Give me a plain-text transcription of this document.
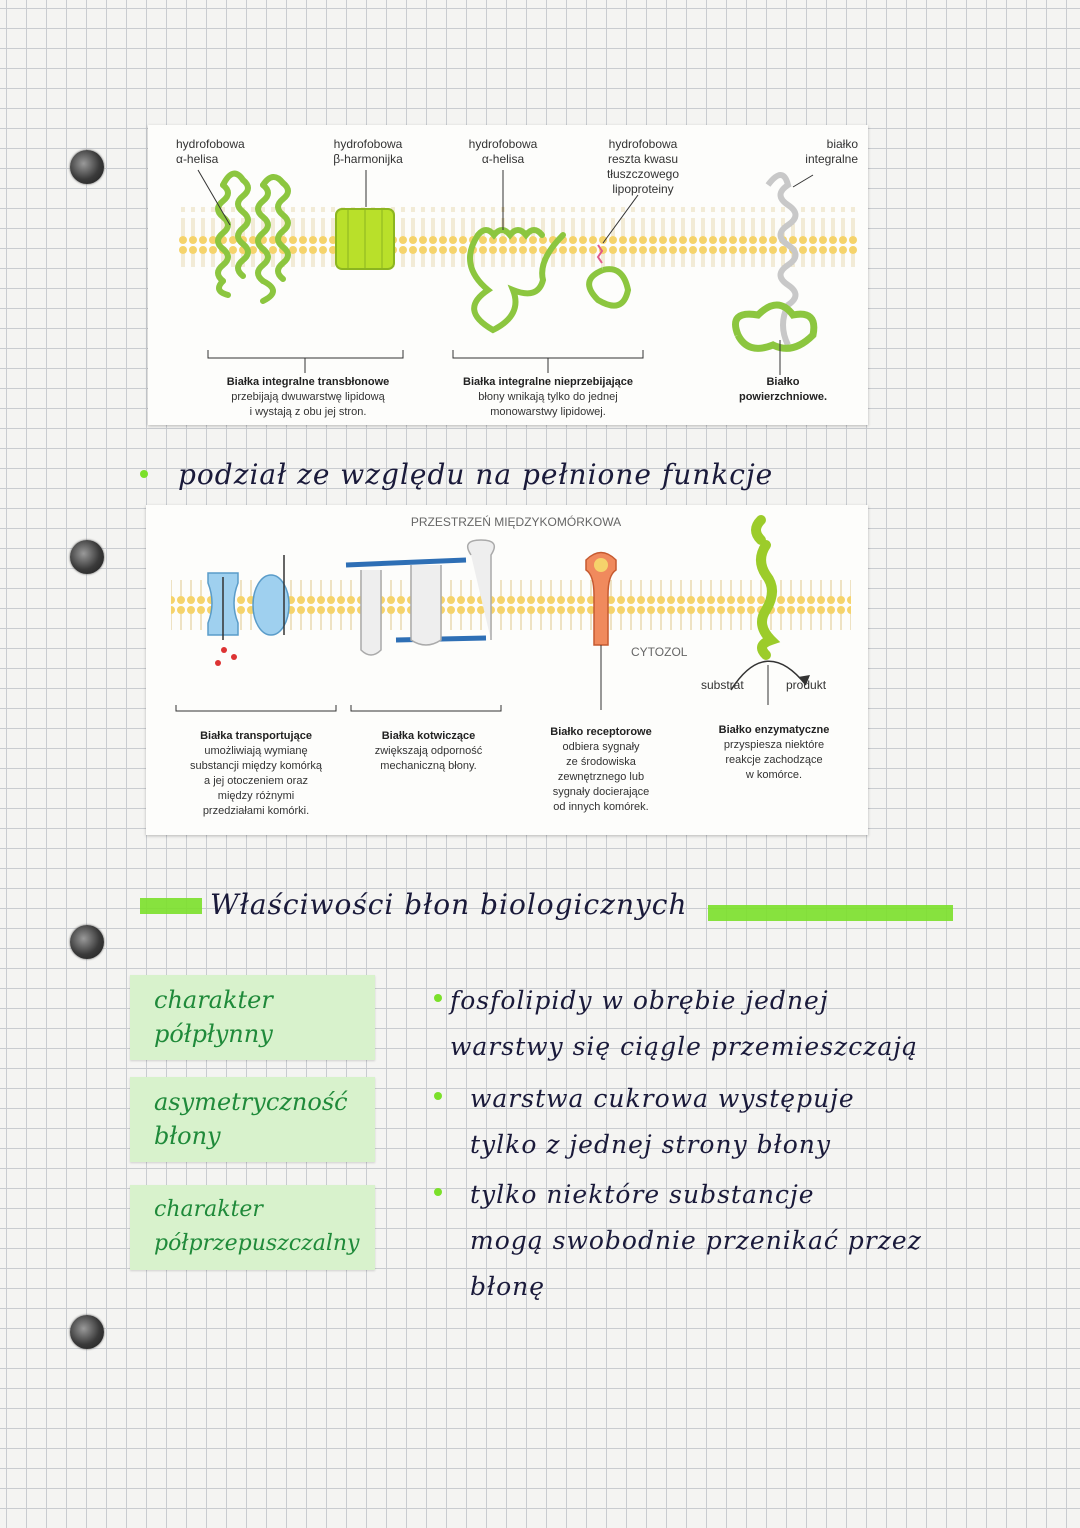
hydrofobowa
α-helisa
hydrofobowa
β-harmonijka
hydrofobowa
α-helisa
hydrofobowa
reszta kwasu
tłuszczowego
lipoproteiny
białko
integralne
Białka integralne transbłonowe
przebijają dwuwarstwę lipidową
i wystają z obu jej stron.
Białka integralne nieprzebijające
błony wnikają tylko do jednej
monowarstwy lipidowej.
Białko
powierzchniowe.
podział ze względu na pełnione funkcje
PRZESTRZEŃ MIĘDZYKOMÓRKOWA
CYTOZOL
substrat	produkt
Białka transportujące
umożliwiają wymianę
substancji między komórką
a jej otoczeniem oraz
między różnymi
przedziałami komórki.
Białka kotwiczące
zwiększają odporność
mechaniczną błony.
Białko receptorowe
odbiera sygnały
ze środowiska
zewnętrznego lub
sygnały docierające
od innych komórek.
Białko enzymatyczne
przyspiesza niektóre
reakcje zachodzące
w komórce.
Właściwości błon biologicznych
charakter
półpłynny
asymetryczność
błony
charakter
półprzepuszczalny
fosfolipidy w obrębie jednej
warstwy się ciągle przemieszczają
warstwa cukrowa występuje
tylko z jednej strony błony
tylko niektóre substancje
mogą swobodnie przenikać przez
błonę
